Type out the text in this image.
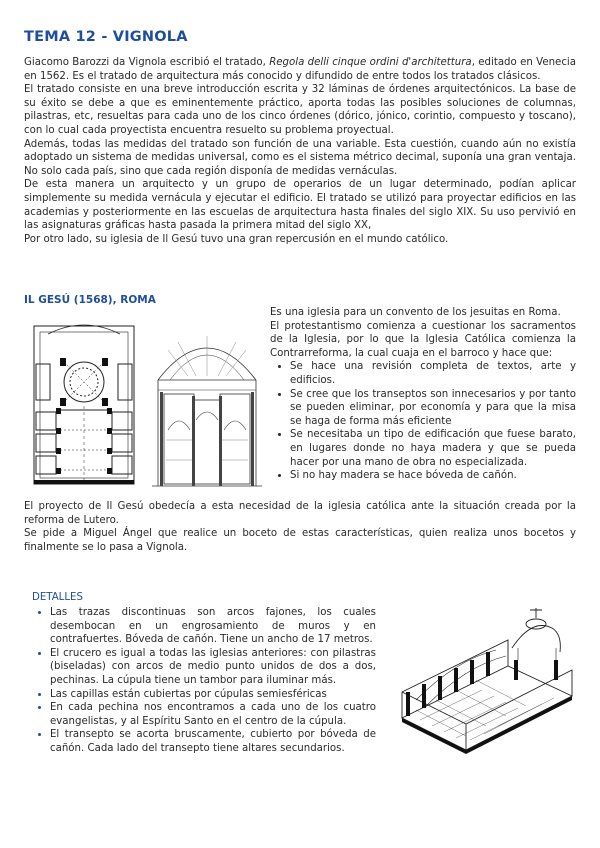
TEMA 12 - VIGNOLA

Giacomo Barozzi da Vignola escribió el tratado, Regola delli cinque ordini d'architettura, editado en Venecia en 1562. Es el tratado de arquitectura más conocido y difundido de entre todos los tratados clásicos.

El tratado consiste en una breve introducción escrita y 32 láminas de órdenes arquitectónicos. La base de su éxito se debe a que es eminentemente práctico, aporta todas las posibles soluciones de columnas, pilastras, etc, resueltas para cada uno de los cinco órdenes (dórico, jónico, corintio, compuesto y toscano), con lo cual cada proyectista encuentra resuelto su problema proyectual.

Además, todas las medidas del tratado son función de una variable. Esta cuestión, cuando aún no existía adoptado un sistema de medidas universal, como es el sistema métrico decimal, suponía una gran ventaja. No solo cada país, sino que cada región disponía de medidas vernáculas.

De esta manera un arquitecto y un grupo de operarios de un lugar determinado, podían aplicar simplemente su medida vernácula y ejecutar el edificio. El tratado se utilizó para proyectar edificios en las academias y posteriormente en las escuelas de arquitectura hasta finales del siglo XIX. Su uso pervivió en las asignaturas gráficas hasta pasada la primera mitad del siglo XX,

Por otro lado, su iglesia de Il Gesú tuvo una gran repercusión en el mundo católico.

IL GESÚ (1568), ROMA

Es una iglesia para un convento de los jesuitas en Roma.

El protestantismo comienza a cuestionar los sacramentos de la Iglesia, por lo que la Iglesia Católica comienza la Contrarreforma, la cual cuaja en el barroco y hace que:

• Se hace una revisión completa de textos, arte y edificios.
• Se cree que los transeptos son innecesarios y por tanto se pueden eliminar, por economía y para que la misa se haga de forma más eficiente
• Se necesitaba un tipo de edificación que fuese barato, en lugares donde no haya madera y que se pueda hacer por una mano de obra no especializada.
• Si no hay madera se hace bóveda de cañón.

El proyecto de Il Gesú obedecía a esta necesidad de la iglesia católica ante la situación creada por la reforma de Lutero.

Se pide a Miguel Ángel que realice un boceto de estas características, quien realiza unos bocetos y finalmente se lo pasa a Vignola.

DETALLES

• Las trazas discontinuas son arcos fajones, los cuales desembocan en un engrosamiento de muros y en contrafuertes. Bóveda de cañón. Tiene un ancho de 17 metros.
• El crucero es igual a todas las iglesias anteriores: con pilastras (biseladas) con arcos de medio punto unidos de dos a dos, pechinas. La cúpula tiene un tambor para iluminar más.
• Las capillas están cubiertas por cúpulas semiesféricas
• En cada pechina nos encontramos a cada uno de los cuatro evangelistas, y al Espíritu Santo en el centro de la cúpula.
• El transepto se acorta bruscamente, cubierto por bóveda de cañón. Cada lado del transepto tiene altares secundarios.
